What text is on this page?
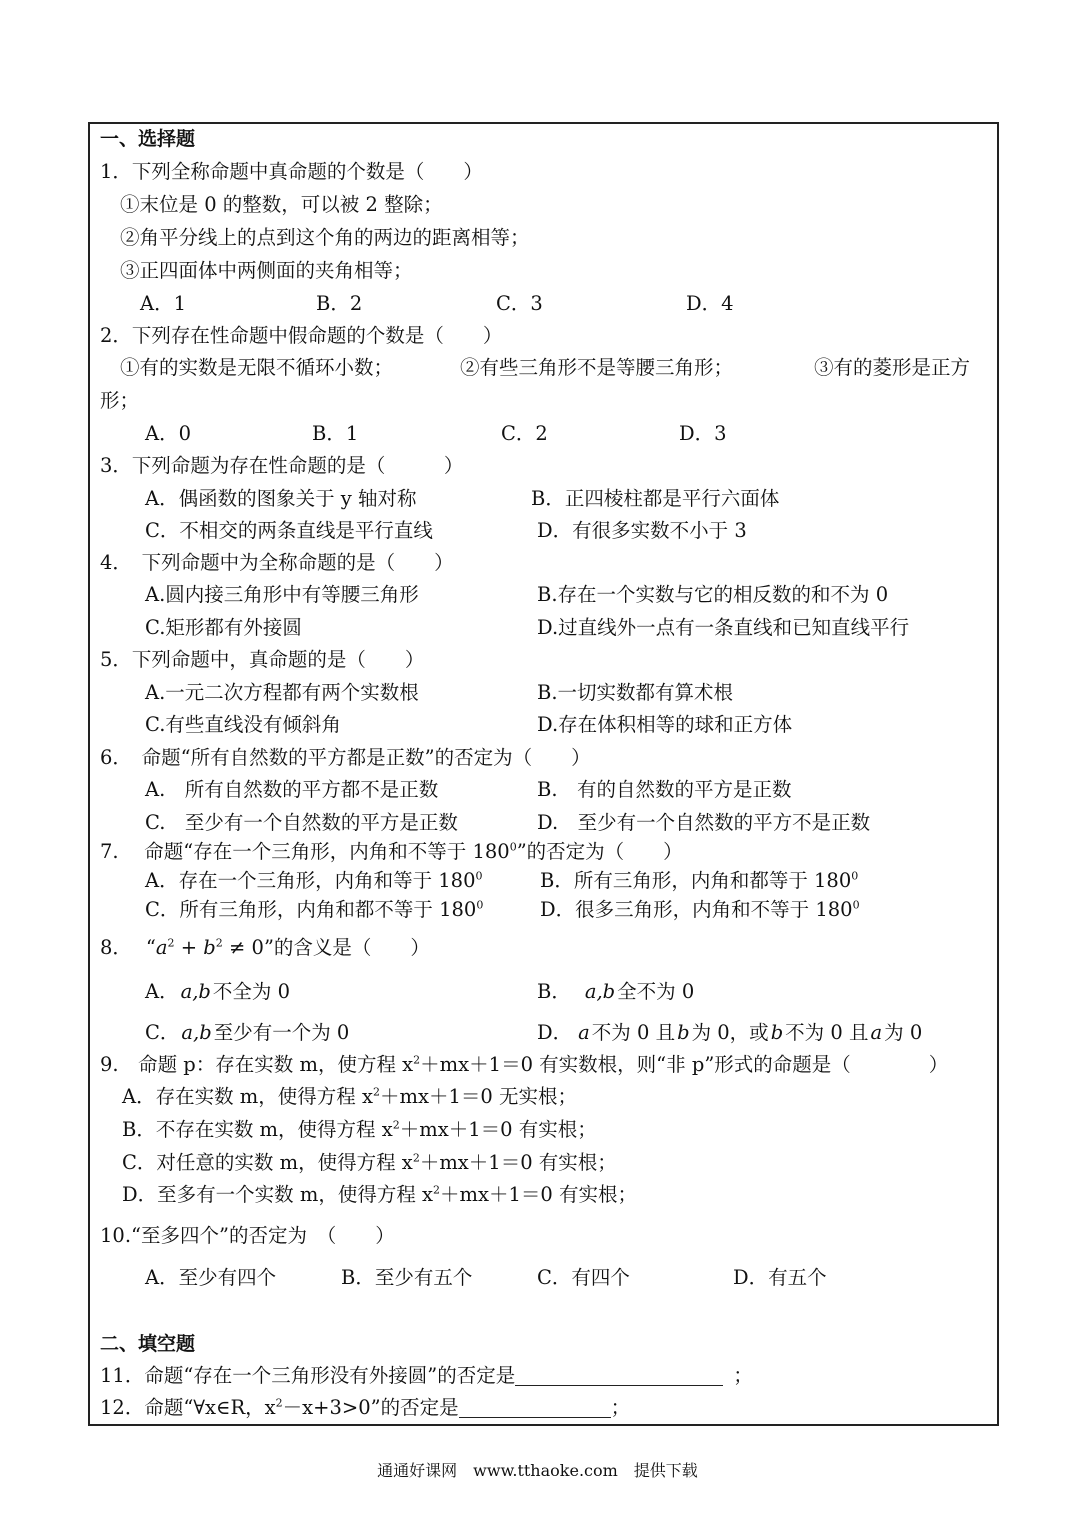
一、选择题
1．下列全称命题中真命题的个数是（　　）
①末位是 0 的整数，可以被 2 整除；
②角平分线上的点到这个角的两边的距离相等；
③正四面体中两侧面的夹角相等；
A．1	B．2	C．3	D．4
2．下列存在性命题中假命题的个数是（　　）
①有的实数是无限不循环小数；	②有些三角形不是等腰三角形；	③有的菱形是正方
形；
A．0	B．1	C．2	D．3
3．下列命题为存在性命题的是（　　　）
A．偶函数的图象关于 y 轴对称	B．正四棱柱都是平行六面体
C．不相交的两条直线是平行直线	D．有很多实数不小于 3
4．　下列命题中为全称命题的是（　　）
A.圆内接三角形中有等腰三角形	B.存在一个实数与它的相反数的和不为 0
C.矩形都有外接圆	D.过直线外一点有一条直线和已知直线平行
5．下列命题中，真命题的是（　　）
A.一元二次方程都有两个实数根	B.一切实数都有算术根
C.有些直线没有倾斜角	D.存在体积相等的球和正方体
6．　命题“所有自然数的平方都是正数”的否定为（　　）
A.　所有自然数的平方都不是正数	B.　有的自然数的平方是正数
C.　至少有一个自然数的平方是正数	D.　至少有一个自然数的平方不是正数
7.　 命题“存在一个三角形，内角和不等于 $180^0$”的否定为（　　）
A．存在一个三角形，内角和等于 $180^0$	B．所有三角形，内角和都等于 $180^0$
C．所有三角形，内角和都不等于 $180^0$	D．很多三角形，内角和不等于 $180^0$
8． “$a^2 + b^2 \ne 0$”的含义是（　　）
A． a,b 不全为 0	B． a,b 全不为 0
C． a,b 至少有一个为 0	D． a 不为 0 且 b 为 0，或 b 不为 0 且 a 为 0
9.　命题 p：存在实数 m，使方程 $x^2+mx+1=0$ 有实数根，则“非 p”形式的命题是（　　　　）
A．存在实数 m，使得方程 $x^2+mx+1=0$ 无实根；
B．不存在实数 m，使得方程 $x^2+mx+1=0$ 有实根；
C．对任意的实数 m，使得方程 $x^2+mx+1=0$ 有实根；
D．至多有一个实数 m，使得方程 $x^2+mx+1=0$ 有实根；
10.“至多四个”的否定为　（　　）
A．至少有四个	B．至少有五个	C．有四个	D．有五个
二、填空题
11．命题“存在一个三角形没有外接圆”的否定是	；
12．命题“∀x∈R，$x^2-x+3>0$”的否定是	；
通通好课网　www.tthaoke.com　提供下载
